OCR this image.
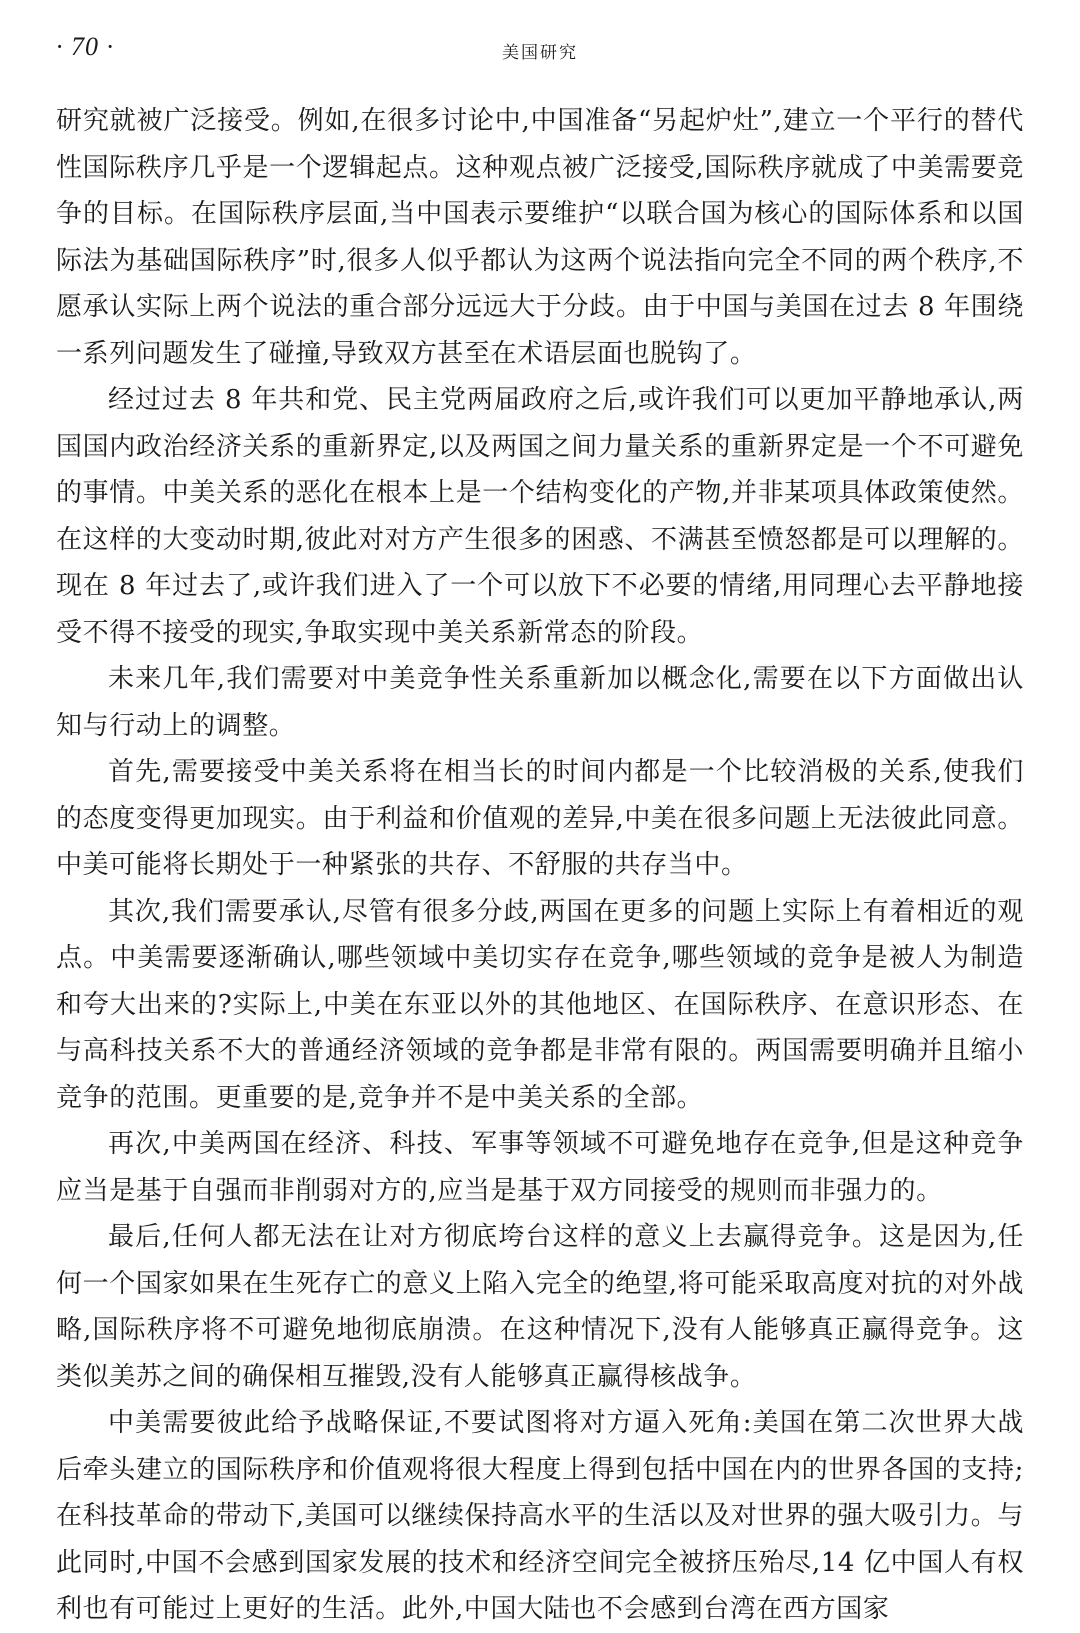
· 70 ·	美国研究

研究就被广泛接受。例如,在很多讨论中,中国准备“另起炉灶”,建立一个平行的替代性国际秩序几乎是一个逻辑起点。这种观点被广泛接受,国际秩序就成了中美需要竞争的目标。在国际秩序层面,当中国表示要维护“以联合国为核心的国际体系和以国际法为基础国际秩序”时,很多人似乎都认为这两个说法指向完全不同的两个秩序,不愿承认实际上两个说法的重合部分远远大于分歧。由于中国与美国在过去 8 年围绕一系列问题发生了碰撞,导致双方甚至在术语层面也脱钩了。

经过过去 8 年共和党、民主党两届政府之后,或许我们可以更加平静地承认,两国国内政治经济关系的重新界定,以及两国之间力量关系的重新界定是一个不可避免的事情。中美关系的恶化在根本上是一个结构变化的产物,并非某项具体政策使然。在这样的大变动时期,彼此对对方产生很多的困惑、不满甚至愤怒都是可以理解的。现在 8 年过去了,或许我们进入了一个可以放下不必要的情绪,用同理心去平静地接受不得不接受的现实,争取实现中美关系新常态的阶段。

未来几年,我们需要对中美竞争性关系重新加以概念化,需要在以下方面做出认知与行动上的调整。

首先,需要接受中美关系将在相当长的时间内都是一个比较消极的关系,使我们的态度变得更加现实。由于利益和价值观的差异,中美在很多问题上无法彼此同意。中美可能将长期处于一种紧张的共存、不舒服的共存当中。

其次,我们需要承认,尽管有很多分歧,两国在更多的问题上实际上有着相近的观点。中美需要逐渐确认,哪些领域中美切实存在竞争,哪些领域的竞争是被人为制造和夸大出来的?实际上,中美在东亚以外的其他地区、在国际秩序、在意识形态、在与高科技关系不大的普通经济领域的竞争都是非常有限的。两国需要明确并且缩小竞争的范围。更重要的是,竞争并不是中美关系的全部。

再次,中美两国在经济、科技、军事等领域不可避免地存在竞争,但是这种竞争应当是基于自强而非削弱对方的,应当是基于双方同接受的规则而非强力的。

最后,任何人都无法在让对方彻底垮台这样的意义上去赢得竞争。这是因为,任何一个国家如果在生死存亡的意义上陷入完全的绝望,将可能采取高度对抗的对外战略,国际秩序将不可避免地彻底崩溃。在这种情况下,没有人能够真正赢得竞争。这类似美苏之间的确保相互摧毁,没有人能够真正赢得核战争。

中美需要彼此给予战略保证,不要试图将对方逼入死角:美国在第二次世界大战后牵头建立的国际秩序和价值观将很大程度上得到包括中国在内的世界各国的支持;在科技革命的带动下,美国可以继续保持高水平的生活以及对世界的强大吸引力。与此同时,中国不会感到国家发展的技术和经济空间完全被挤压殆尽,14 亿中国人有权利也有可能过上更好的生活。此外,中国大陆也不会感到台湾在西方国家
